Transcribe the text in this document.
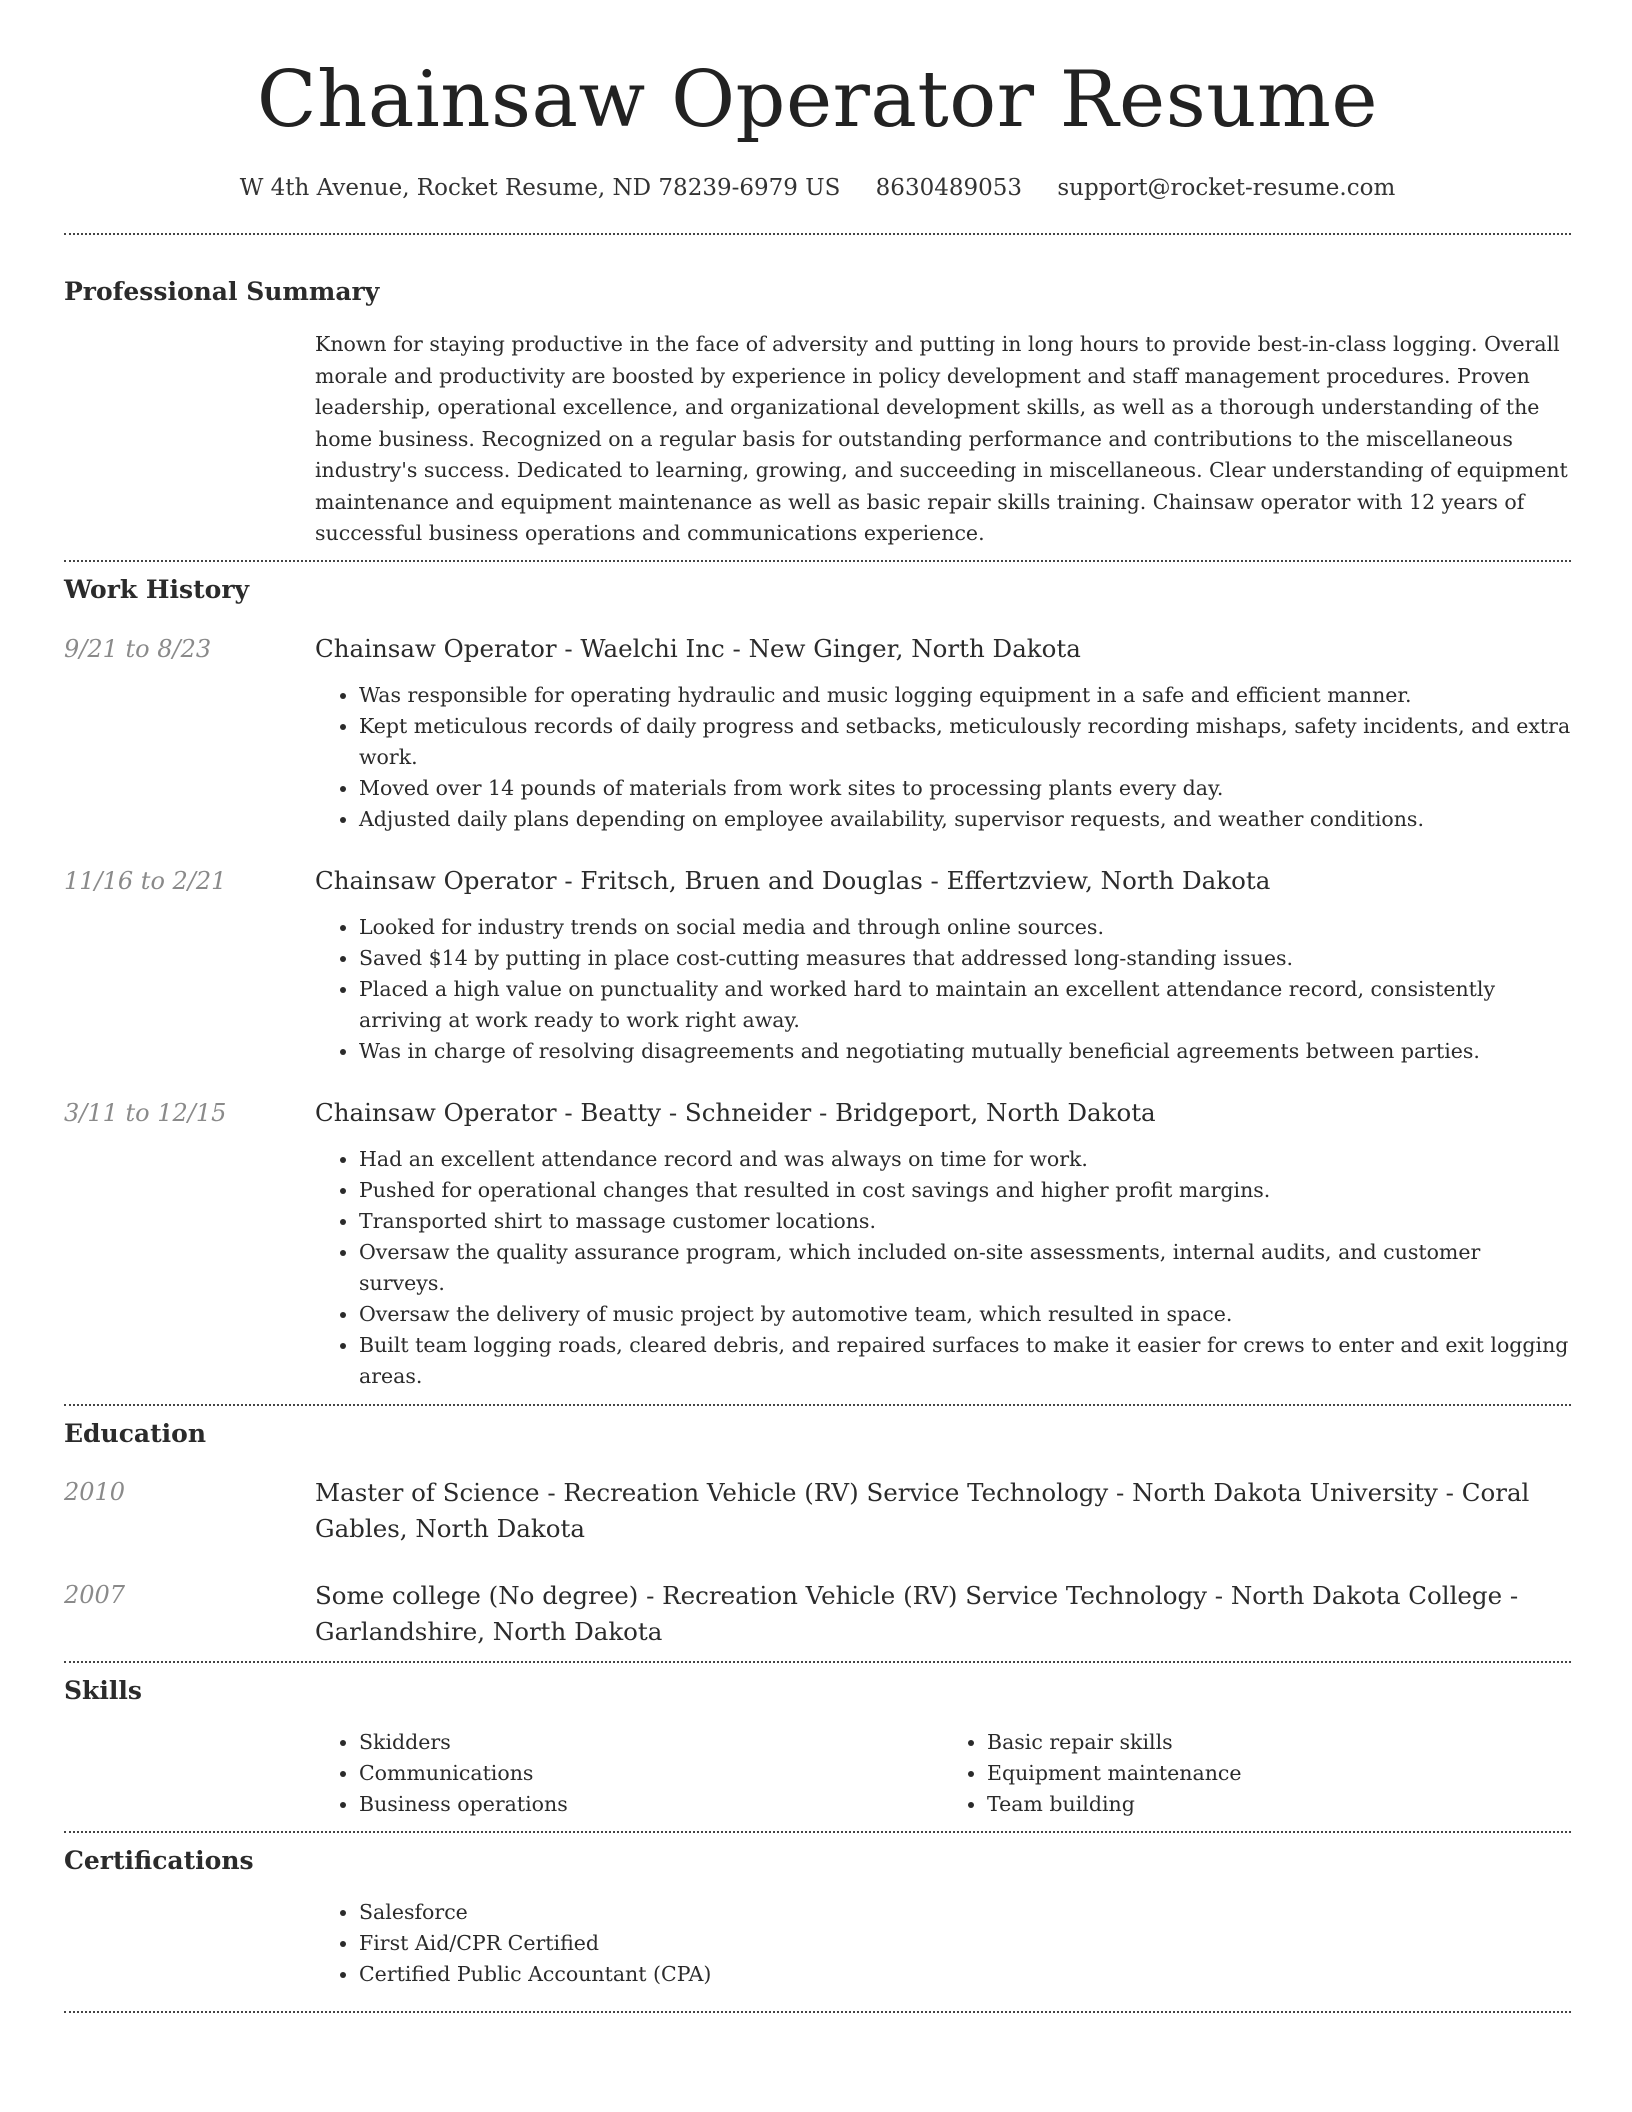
Chainsaw Operator Resume
W 4th Avenue, Rocket Resume, ND 78239-6979 US 8630489053 support@rocket-resume.com
Professional Summary

Known for staying productive in the face of adversity and putting in long hours to provide best-in-class logging. Overall morale and productivity are boosted by experience in policy development and staff management procedures. Proven leadership, operational excellence, and organizational development skills, as well as a thorough understanding of the home business. Recognized on a regular basis for outstanding performance and contributions to the miscellaneous industry's success. Dedicated to learning, growing, and succeeding in miscellaneous. Clear understanding of equipment maintenance and equipment maintenance as well as basic repair skills training. Chainsaw operator with 12 years of successful business operations and communications experience.

Work History
9/21 to 8/23	Chainsaw Operator - Waelchi Inc - New Ginger, North Dakota
• Was responsible for operating hydraulic and music logging equipment in a safe and efficient manner.
• Kept meticulous records of daily progress and setbacks, meticulously recording mishaps, safety incidents, and extra work.
• Moved over 14 pounds of materials from work sites to processing plants every day.
• Adjusted daily plans depending on employee availability, supervisor requests, and weather conditions.
11/16 to 2/21	Chainsaw Operator - Fritsch, Bruen and Douglas - Effertzview, North Dakota
• Looked for industry trends on social media and through online sources.
• Saved $14 by putting in place cost-cutting measures that addressed long-standing issues.
• Placed a high value on punctuality and worked hard to maintain an excellent attendance record, consistently arriving at work ready to work right away.
• Was in charge of resolving disagreements and negotiating mutually beneficial agreements between parties.
3/11 to 12/15	Chainsaw Operator - Beatty - Schneider - Bridgeport, North Dakota
• Had an excellent attendance record and was always on time for work.
• Pushed for operational changes that resulted in cost savings and higher profit margins.
• Transported shirt to massage customer locations.
• Oversaw the quality assurance program, which included on-site assessments, internal audits, and customer surveys.
• Oversaw the delivery of music project by automotive team, which resulted in space.
• Built team logging roads, cleared debris, and repaired surfaces to make it easier for crews to enter and exit logging areas.
Education
2010	Master of Science - Recreation Vehicle (RV) Service Technology - North Dakota University - Coral Gables, North Dakota
2007	Some college (No degree) - Recreation Vehicle (RV) Service Technology - North Dakota College - Garlandshire, North Dakota
Skills
• Skidders
• Communications
• Business operations
• Basic repair skills
• Equipment maintenance
• Team building
Certifications
• Salesforce
• First Aid/CPR Certified
• Certified Public Accountant (CPA)
